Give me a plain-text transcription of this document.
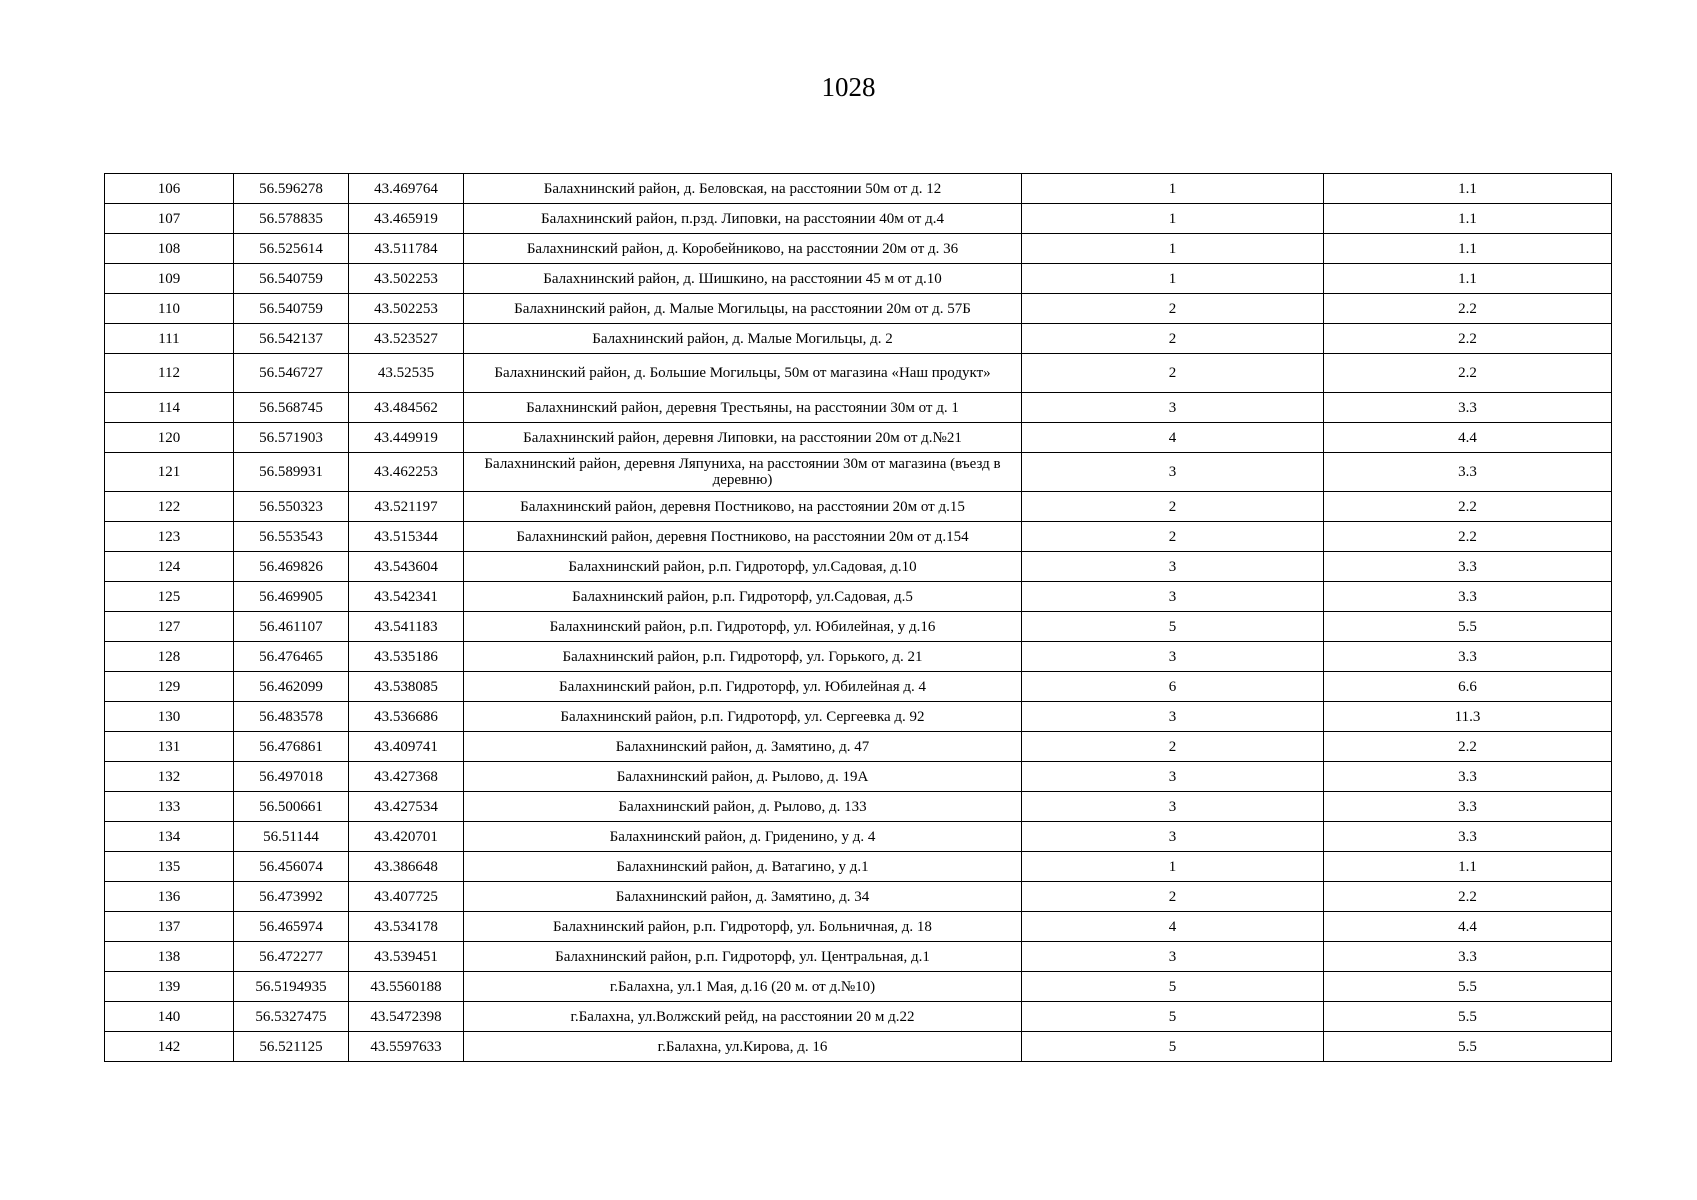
1028
106	56.596278	43.469764	Балахнинский район, д. Беловская, на расстоянии 50м от д. 12	1	1.1
107	56.578835	43.465919	Балахнинский район, п.рзд. Липовки, на расстоянии 40м от д.4	1	1.1
108	56.525614	43.511784	Балахнинский район, д. Коробейниково, на расстоянии 20м от д. 36	1	1.1
109	56.540759	43.502253	Балахнинский район, д. Шишкино, на расстоянии 45 м от д.10	1	1.1
110	56.540759	43.502253	Балахнинский район, д. Малые Могильцы, на расстоянии 20м от д. 57Б	2	2.2
111	56.542137	43.523527	Балахнинский район, д. Малые Могильцы, д. 2	2	2.2
112	56.546727	43.52535	Балахнинский район, д. Большие Могильцы, 50м от магазина «Наш продукт»	2	2.2
114	56.568745	43.484562	Балахнинский район, деревня Трестьяны, на расстоянии 30м от д. 1	3	3.3
120	56.571903	43.449919	Балахнинский район, деревня Липовки, на расстоянии 20м от д.№21	4	4.4
121	56.589931	43.462253	Балахнинский район, деревня Ляпуниха, на расстоянии 30м от магазина (въезд в деревню)	3	3.3
122	56.550323	43.521197	Балахнинский район, деревня Постниково, на расстоянии 20м от д.15	2	2.2
123	56.553543	43.515344	Балахнинский район, деревня Постниково, на расстоянии 20м от д.154	2	2.2
124	56.469826	43.543604	Балахнинский район, р.п. Гидроторф, ул.Садовая, д.10	3	3.3
125	56.469905	43.542341	Балахнинский район, р.п. Гидроторф, ул.Садовая, д.5	3	3.3
127	56.461107	43.541183	Балахнинский район, р.п. Гидроторф, ул. Юбилейная, у д.16	5	5.5
128	56.476465	43.535186	Балахнинский район, р.п. Гидроторф, ул. Горького, д. 21	3	3.3
129	56.462099	43.538085	Балахнинский район, р.п. Гидроторф, ул. Юбилейная д. 4	6	6.6
130	56.483578	43.536686	Балахнинский район, р.п. Гидроторф, ул. Сергеевка д. 92	3	11.3
131	56.476861	43.409741	Балахнинский район, д. Замятино, д. 47	2	2.2
132	56.497018	43.427368	Балахнинский район, д. Рылово, д. 19А	3	3.3
133	56.500661	43.427534	Балахнинский район, д. Рылово, д. 133	3	3.3
134	56.51144	43.420701	Балахнинский район, д. Гриденино, у д. 4	3	3.3
135	56.456074	43.386648	Балахнинский район, д. Ватагино, у д.1	1	1.1
136	56.473992	43.407725	Балахнинский район, д. Замятино, д. 34	2	2.2
137	56.465974	43.534178	Балахнинский район, р.п. Гидроторф, ул. Больничная, д. 18	4	4.4
138	56.472277	43.539451	Балахнинский район, р.п. Гидроторф, ул. Центральная, д.1	3	3.3
139	56.5194935	43.5560188	г.Балахна, ул.1 Мая, д.16 (20 м. от д.№10)	5	5.5
140	56.5327475	43.5472398	г.Балахна, ул.Волжский рейд, на расстоянии 20 м д.22	5	5.5
142	56.521125	43.5597633	г.Балахна, ул.Кирова, д. 16	5	5.5
